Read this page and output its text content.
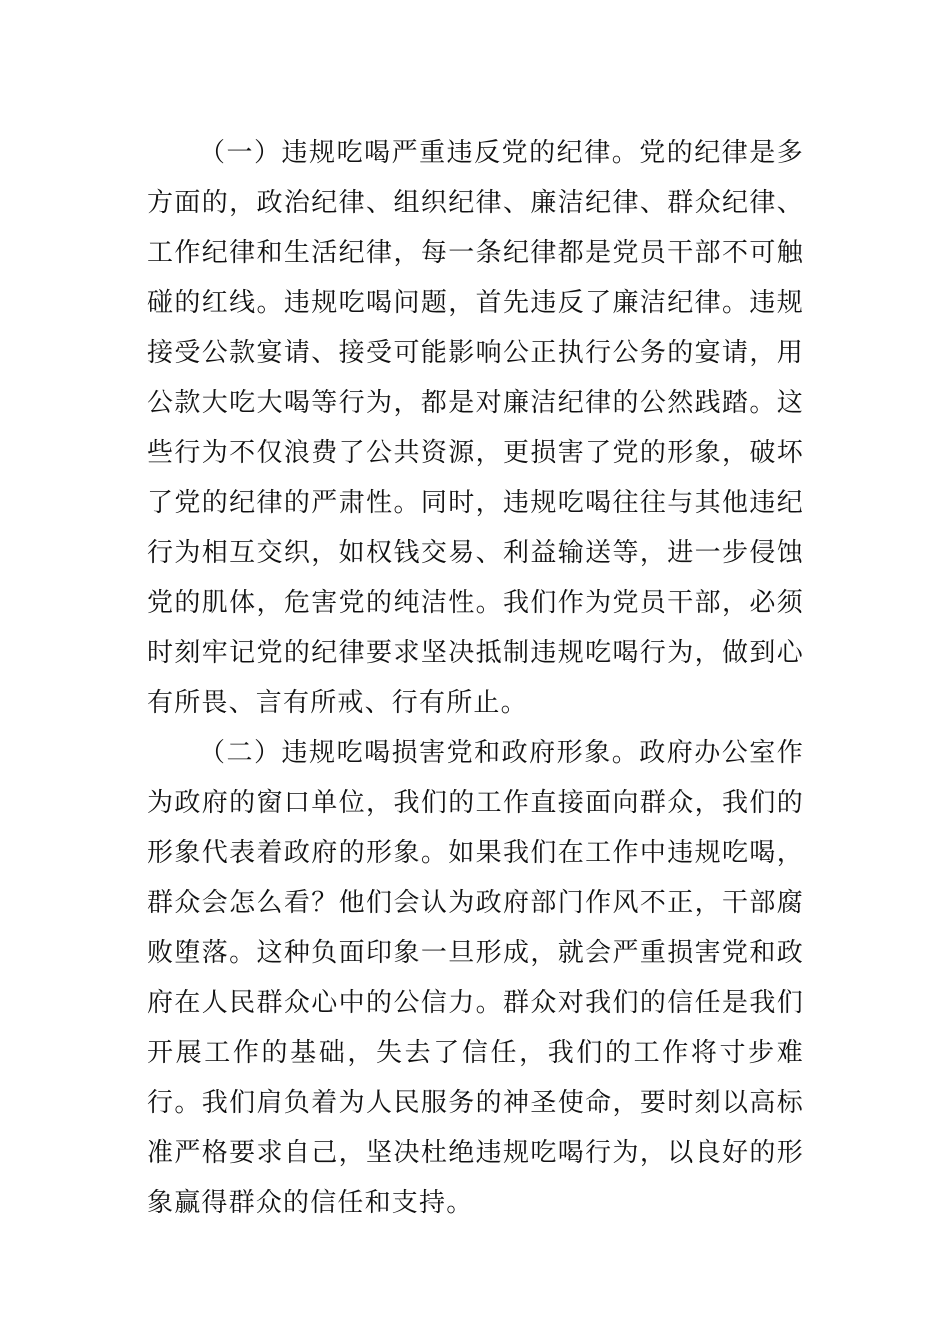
（一）违规吃喝严重违反党的纪律。党的纪律是多方面的，政治纪律、组织纪律、廉洁纪律、群众纪律、工作纪律和生活纪律，每一条纪律都是党员干部不可触碰的红线。违规吃喝问题，首先违反了廉洁纪律。违规接受公款宴请、接受可能影响公正执行公务的宴请，用公款大吃大喝等行为，都是对廉洁纪律的公然践踏。这些行为不仅浪费了公共资源，更损害了党的形象，破坏了党的纪律的严肃性。同时，违规吃喝往往与其他违纪行为相互交织，如权钱交易、利益输送等，进一步侵蚀党的肌体，危害党的纯洁性。我们作为党员干部，必须时刻牢记党的纪律要求坚决抵制违规吃喝行为，做到心有所畏、言有所戒、行有所止。

（二）违规吃喝损害党和政府形象。政府办公室作为政府的窗口单位，我们的工作直接面向群众，我们的形象代表着政府的形象。如果我们在工作中违规吃喝，群众会怎么看？他们会认为政府部门作风不正，干部腐败堕落。这种负面印象一旦形成，就会严重损害党和政府在人民群众心中的公信力。群众对我们的信任是我们开展工作的基础，失去了信任，我们的工作将寸步难行。我们肩负着为人民服务的神圣使命，要时刻以高标准严格要求自己，坚决杜绝违规吃喝行为，以良好的形象赢得群众的信任和支持。
